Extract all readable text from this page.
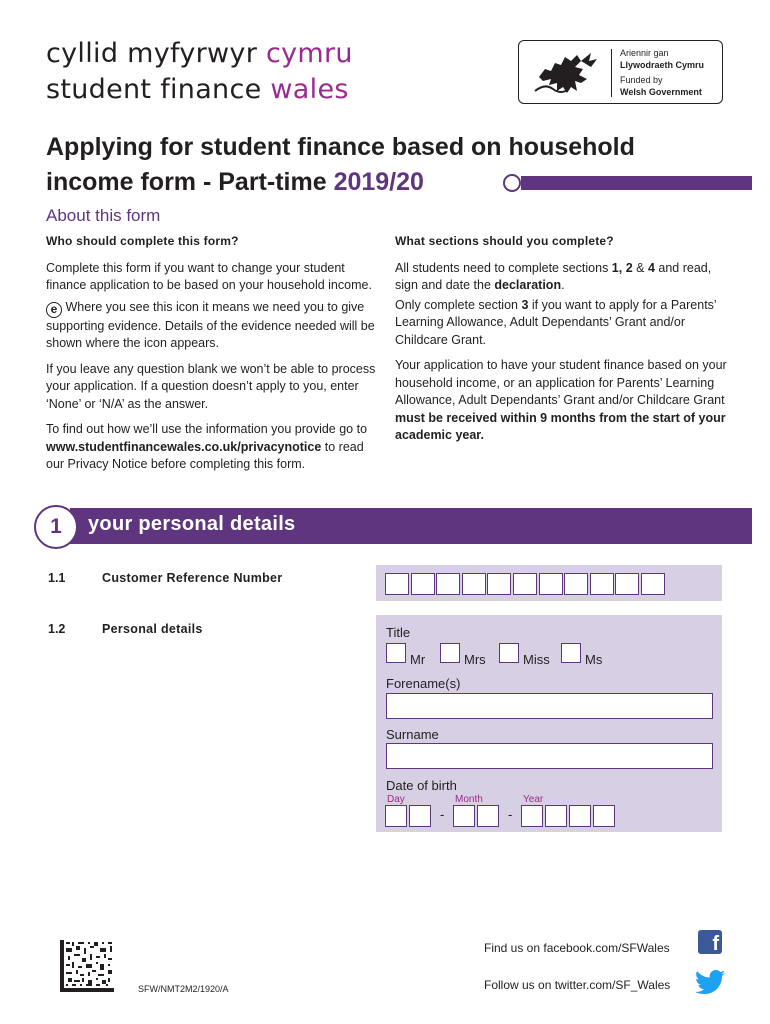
cyllid myfyrwyr cymru
student finance wales
Ariennir gan
Llywodraeth Cymru
Funded by
Welsh Government
Applying for student finance based on household
income form - Part-time 2019/20
About this form
Who should complete this form?

Complete this form if you want to change your student finance application to be based on your household income.

e Where you see this icon it means we need you to give supporting evidence. Details of the evidence needed will be shown where the icon appears.

If you leave any question blank we won’t be able to process your application. If a question doesn’t apply to you, enter ‘None’ or ‘N/A’ as the answer.

To find out how we’ll use the information you provide go to www.studentfinancewales.co.uk/privacynotice to read our Privacy Notice before completing this form.

What sections should you complete?

All students need to complete sections 1, 2 & 4 and read, sign and date the declaration.

Only complete section 3 if you want to apply for a Parents’ Learning Allowance, Adult Dependants’ Grant and/or Childcare Grant.

Your application to have your student finance based on your household income, or an application for Parents’ Learning Allowance, Adult Dependants’ Grant and/or Childcare Grant must be received within 9 months from the start of your academic year.

1	your personal details
1.1	Customer Reference Number
1.2	Personal details	Title
Mr	Mrs	Miss	Ms
Forename(s)
Surname
Date of birth
Day	Month	Year
-	-
SFW/NMT2M2/1920/A
Find us on facebook.com/SFWales	f
Follow us on twitter.com/SF_Wales
